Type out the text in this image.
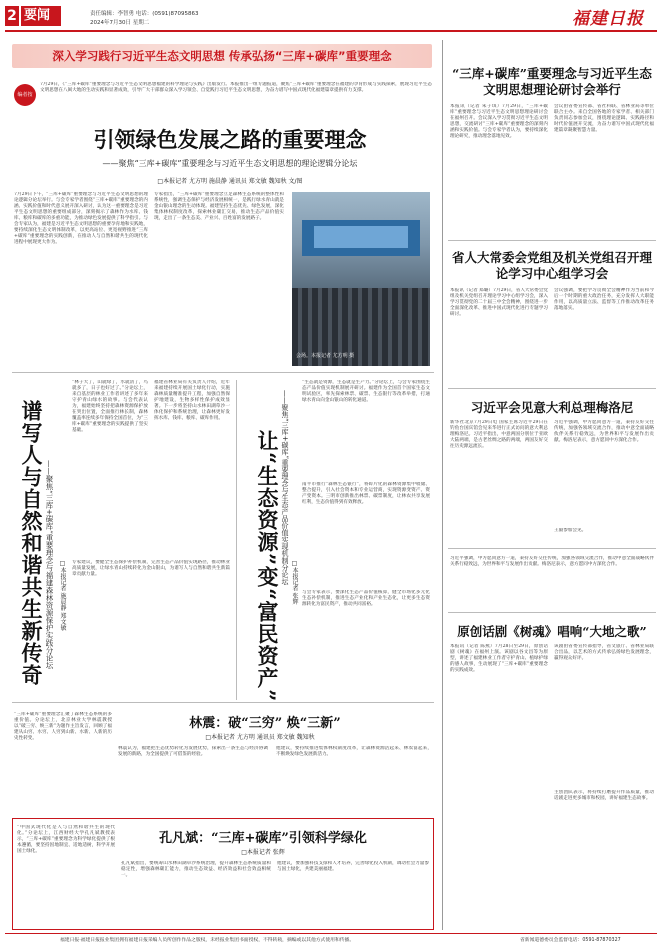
2 要闻	责任编辑：李智勇 电话：(0591)87095863
2024年7月30日 星期二	福建日报
深入学习践行习近平生态文明思想 传承弘扬“三库+碳库”重要理念
编者按
7月29日，《“三库+碳库”重要理念与习近平生态文明思想福建的科学理论与实践》出版发行。本报推出一组专题报道，聚焦“三库+碳库”重要理念在福建的孕育形成与实践探索，展现习近平生态文明思想在八闽大地的生动实践和显著成效，引导广大干部群众深入学习领会、自觉践行习近平生态文明思想，为奋力谱写中国式现代化福建篇章提供有力支撑。
引领绿色发展之路的重要理念
——聚焦“三库+碳库”重要理念与习近平生态文明思想的理论逻辑分论坛
□本报记者 尤方明 施晨静 通讯员 郑文敏 魏知秋 文/图
7月29日下午，“三库+碳库”重要理念与习近平生态文明思想的理论逻辑分论坛举行。与会专家学者围绕“三库+碳库”重要理念的内涵、实践价值和时代意义展开深入研讨，认为这一重要理念是习近平生态文明思想的重要组成部分，深刻揭示了森林作为水库、钱库、粮库和碳库的多重功能，为推动绿色发展提供了科学指引。与会专家认为，福建是习近平生态文明思想的重要孕育地和实践地，要持续深化生态文明体制改革，以更高站位、更宽视野推进“三库+碳库”重要理念的实践创新，在推动人与自然和谐共生的现代化进程中展现更大作为。
专家指出，“三库+碳库”重要理念立足森林生态系统的整体性和系统性，强调生态保护与经济发展相统一，是践行绿水青山就是金山银山理念的生动体现。福建坚持生态优先、绿色发展，深化集体林权制度改革，探索林业碳汇交易，推动生态产品价值实现，走出了一条生态美、产业兴、百姓富的发展路子。
会场。本报记者 尤方明 摄
谱写人与自然和谐共生新传奇 ——聚焦“三库+碳库”重要理念与福建森林资源保护实践分论坛 □本报记者 施晨静 郑文敏
“林子大了，山就绿了，水就清了，鸟就多了，日子也好过了。”分论坛上，来自基层的林业工作者讲述了多年来守护青山绿水的故事。与会代表认为，福建始终坚持把森林资源保护放在突出位置，全面推行林长制，森林覆盖率连续多年保持全国首位，为“三库+碳库”重要理念的实践提供了坚实基础。
福建省林业局有关负责人介绍，近年来福建持续开展国土绿化行动，实施森林质量精准提升工程，加强自然保护地建设，生物多样性保护成效显著。下一步将坚持山水林田湖草沙一体化保护和系统治理，让森林更好发挥水库、钱库、粮库、碳库作用。
专家建议，要健全生态保护补偿机制，完善生态产品价值实现路径，推动林业高质量发展，让绿水青山持续转化为金山银山，为谱写人与自然和谐共生新篇章贡献力量。	让“生态资源”变“富民资产” ——聚焦“三库+碳库”重要理念与生态产品价值实现机制分论坛 □本报记者 张辉
“生态就是资源，生态就是生产力。”分论坛上，与会专家围绕生态产品价值实现机制展开研讨。福建作为全国首个国家生态文明试验区，率先探索林票、碳票、生态银行等改革举措，打通绿水青山向金山银山的转化通道。
南平市推行“森林生态银行”，将碎片化的森林资源集中收储、整合提升，引入社会资本和专业运营商，实现资源变资产、资产变资本。三明市创新推出林票、碳票制度，让林农共享发展红利，生态价值得到有效释放。
与会专家表示，要深化生态产品价值核算，健全市场化多元化生态补偿机制，推进生态产业化和产业生态化，让更多生态资源转化为富民资产，推动共同富裕。
林震：破“三穷” 焕“三新”
□本报记者 尤方明 通讯员 郑文敏 魏知秋
“三库+碳库”重要理念汇聚了森林生态系统的多重价值。分论坛上，北京林业大学林震教授以“破三穷、焕三新”为题作主旨发言，回顾了福建从山穷、水穷、人穷到山新、水新、人新的历史性转变。
林震认为，福建把生态优势转化为发展优势，探索出一条生态与经济协调发展的新路，为全国提供了可借鉴的经验。
他建议，要持续推进集体林权制度改革，让森林资源活起来、林农富起来，不断焕发绿色发展新活力。
孔凡斌：“三库+碳库”引领科学绿化
□本报记者 张辉
“中国式现代化是人与自然和谐共生的现代化。”分论坛上，江西财经大学孔凡斌教授表示，“三库+碳库”重要理念为科学绿化提供了根本遵循，要坚持因地制宜、适地适树，科学开展国土绿化。
孔凡斌指出，要统筹山水林田湖草沙系统治理，提升森林生态系统质量和稳定性，增强森林碳汇能力，推动生态效益、经济效益和社会效益相统一。
他建议，要加强科技支撑和人才培养，完善绿化投入机制，调动社会力量参与国土绿化，共建美丽福建。
“三库+碳库”重要理念与习近平生态文明思想理论研讨会举行
本报讯（记者 朱子琪）7月29日，“三库+碳库”重要理念与习近平生态文明思想理论研讨会在福州召开。会议深入学习贯彻习近平生态文明思想，交流研讨“三库+碳库”重要理念的深刻内涵和实践价值。与会专家学者认为，要持续深化理论研究，推动理念落地见效。
会议由省委宣传部、省社科联、省林业局等单位联合主办。来自全国各地的专家学者、相关部门负责同志参加会议，围绕理论逻辑、实践路径和时代价值展开交流，为奋力谱写中国式现代化福建篇章凝聚智慧力量。
省人大常委会党组及机关党组召开理论学习中心组学习会
本报讯（记者 郑璐）7月29日，省人大常委会党组及机关党组召开理论学习中心组学习会，深入学习贯彻党的二十届三中全会精神，围绕进一步全面深化改革、推进中国式现代化进行专题学习研讨。
会议强调，要把学习贯彻全会精神作为当前和今后一个时期的重大政治任务，充分发挥人大职能作用，以高质量立法、监督等工作推动改革任务落地落实。
习近平会见意大利总理梅洛尼
新华社北京7月29日电 国家主席习近平29日在钓鱼台国宾馆会见来华进行正式访问的意大利总理梅洛尼。习近平指出，中意两国分别位于亚欧大陆两端，是古老丝绸之路的两端，两国友好交往历史源远流长。
习近平强调，中方愿同意方一道，秉持友好交往传统，加强各领域交流合作，推动中意全面战略伙伴关系行稳致远，为世界和平与发展作出贡献。梅洛尼表示，意方愿同中方深化合作。
王毅参加会见。
习近平强调，中方愿同意方一道，秉持友好交往传统，加强各领域交流合作，推动中意全面战略伙伴关系行稳致远，为世界和平与发展作出贡献。梅洛尼表示，意方愿同中方深化合作。
原创话剧《树魂》唱响“大地之歌”
本报讯（记者 陈燕）7月28日至29日，原创话剧《树魂》在福州上演。该剧以谷文昌等为原型，讲述了福建林业工作者守护青山、植绿护绿的感人故事，生动展现了“三库+碳库”重要理念的实践成效。
该剧由省委宣传部指导，省文旅厅、省林业局联合出品，以艺术的方式传承弘扬绿色发展理念，赢得观众好评。
主创团队表示，将持续打磨提升作品质量，推动话剧走进更多城市和校园，讲好福建生态故事。
福建日报·福建日报报业集团拥有福建日报采编人员所创作作品之版权，未经报业集团书面授权，不得转载，摘编或以其他方式使用和传播。	省新闻道德委员会监督电话：0591-87870327
